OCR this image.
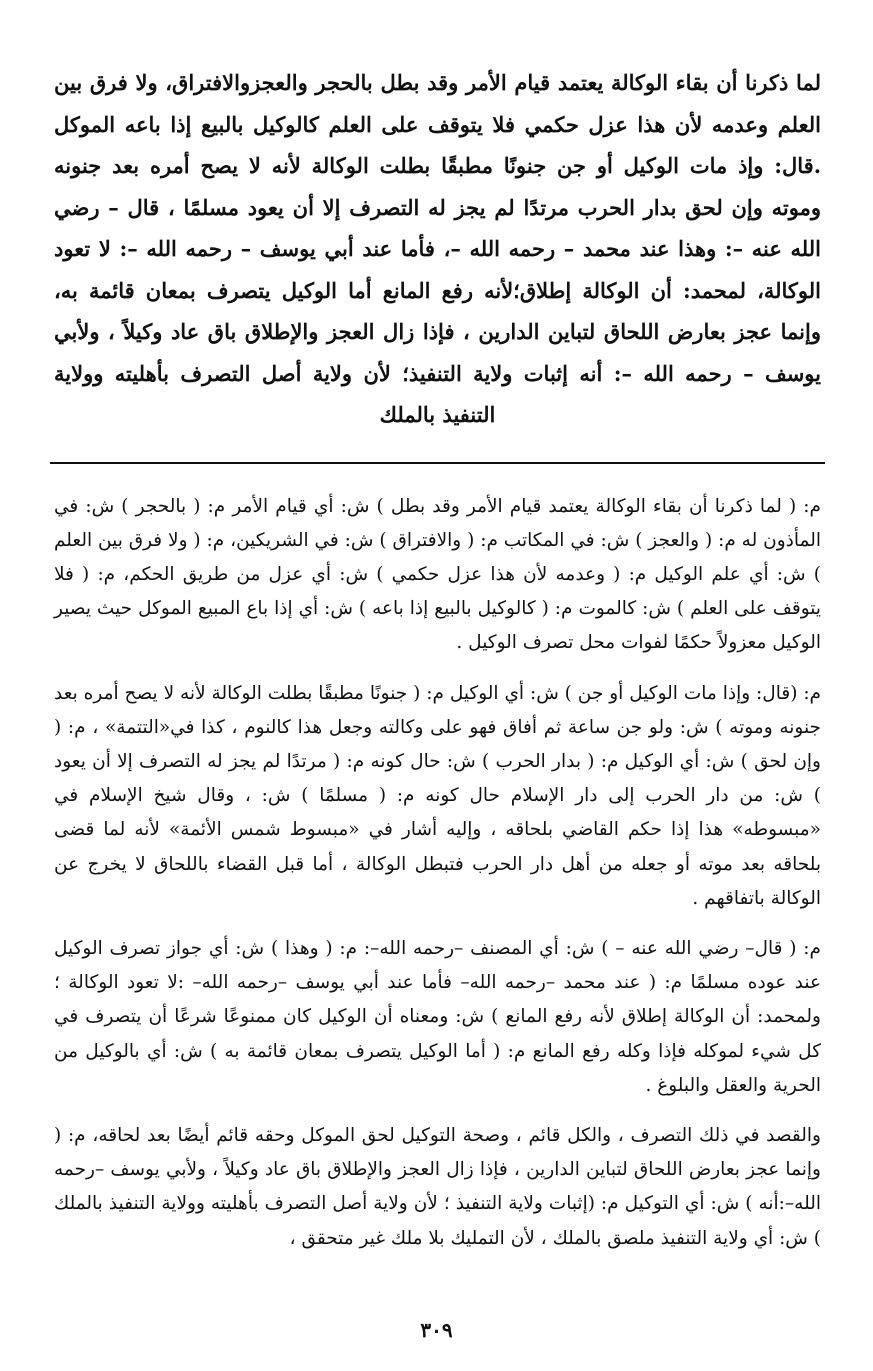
لما ذكرنا أن بقاء الوكالة يعتمد قيام الأمر وقد بطل بالحجر والعجزوالافتراق، ولا فرق بين العلم وعدمه لأن هذا عزل حكمي فلا يتوقف على العلم كالوكيل بالبيع إذا باعه الموكل .قال: وإذ مات الوكيل أو جن جنونًا مطبقًا بطلت الوكالة لأنه لا يصح أمره بعد جنونه وموته وإن لحق بدار الحرب مرتدًا لم يجز له التصرف إلا أن يعود مسلمًا ، قال – رضي الله عنه –: وهذا عند محمد – رحمه الله –، فأما عند أبي يوسف – رحمه الله –: لا تعود الوكالة، لمحمد: أن الوكالة إطلاق؛لأنه رفع المانع أما الوكيل يتصرف بمعان قائمة به، وإنما عجز بعارض اللحاق لتباين الدارين ، فإذا زال العجز والإطلاق باق عاد وكيلاً ، ولأبي يوسف – رحمه الله –: أنه إثبات ولاية التنفيذ؛ لأن ولاية أصل التصرف بأهليته وولاية التنفيذ بالملك

م: ( لما ذكرنا أن بقاء الوكالة يعتمد قيام الأمر وقد بطل ) ش: أي قيام الأمر م: ( بالحجر ) ش: في المأذون له م: ( والعجز ) ش: في المكاتب م: ( والافتراق ) ش: في الشريكين، م: ( ولا فرق بين العلم ) ش: أي علم الوكيل م: ( وعدمه لأن هذا عزل حكمي ) ش: أي عزل من طريق الحكم، م: ( فلا يتوقف على العلم ) ش: كالموت م: ( كالوكيل بالبيع إذا باعه ) ش: أي إذا باع المبيع الموكل حيث يصير الوكيل معزولاً حكمًا لفوات محل تصرف الوكيل .

م: (قال: وإذا مات الوكيل أو جن ) ش: أي الوكيل م: ( جنونًا مطبقًا بطلت الوكالة لأنه لا يصح أمره بعد جنونه وموته ) ش: ولو جن ساعة ثم أفاق فهو على وكالته وجعل هذا كالنوم ، كذا في«التتمة» ، م: ( وإن لحق ) ش: أي الوكيل م: ( بدار الحرب ) ش: حال كونه م: ( مرتدًا لم يجز له التصرف إلا أن يعود ) ش: من دار الحرب إلى دار الإسلام حال كونه م: ( مسلمًا ) ش: ، وقال شيخ الإسلام في «مبسوطه» هذا إذا حكم القاضي بلحاقه ، وإليه أشار في «مبسوط شمس الأئمة» لأنه لما قضى بلحاقه بعد موته أو جعله من أهل دار الحرب فتبطل الوكالة ، أما قبل القضاء باللحاق لا يخرج عن الوكالة باتفاقهم .

م: ( قال– رضي الله عنه – ) ش: أي المصنف –رحمه الله–: م: ( وهذا ) ش: أي جواز تصرف الوكيل عند عوده مسلمًا م: ( عند محمد –رحمه الله– فأما عند أبي يوسف –رحمه الله– :لا تعود الوكالة ؛ ولمحمد: أن الوكالة إطلاق لأنه رفع المانع ) ش: ومعناه أن الوكيل كان ممنوعًا شرعًا أن يتصرف في كل شيء لموكله فإذا وكله رفع المانع م: ( أما الوكيل يتصرف بمعان قائمة به ) ش: أي بالوكيل من الحرية والعقل والبلوغ .

والقصد في ذلك التصرف ، والكل قائم ، وصحة التوكيل لحق الموكل وحقه قائم أيضًا بعد لحاقه، م: ( وإنما عجز بعارض اللحاق لتباين الدارين ، فإذا زال العجز والإطلاق باق عاد وكيلاً ، ولأبي يوسف –رحمه الله–:أنه ) ش: أي التوكيل م: (إثبات ولاية التنفيذ ؛ لأن ولاية أصل التصرف بأهليته وولاية التنفيذ بالملك ) ش: أي ولاية التنفيذ ملصق بالملك ، لأن التمليك بلا ملك غير متحقق ،

٣٠٩
